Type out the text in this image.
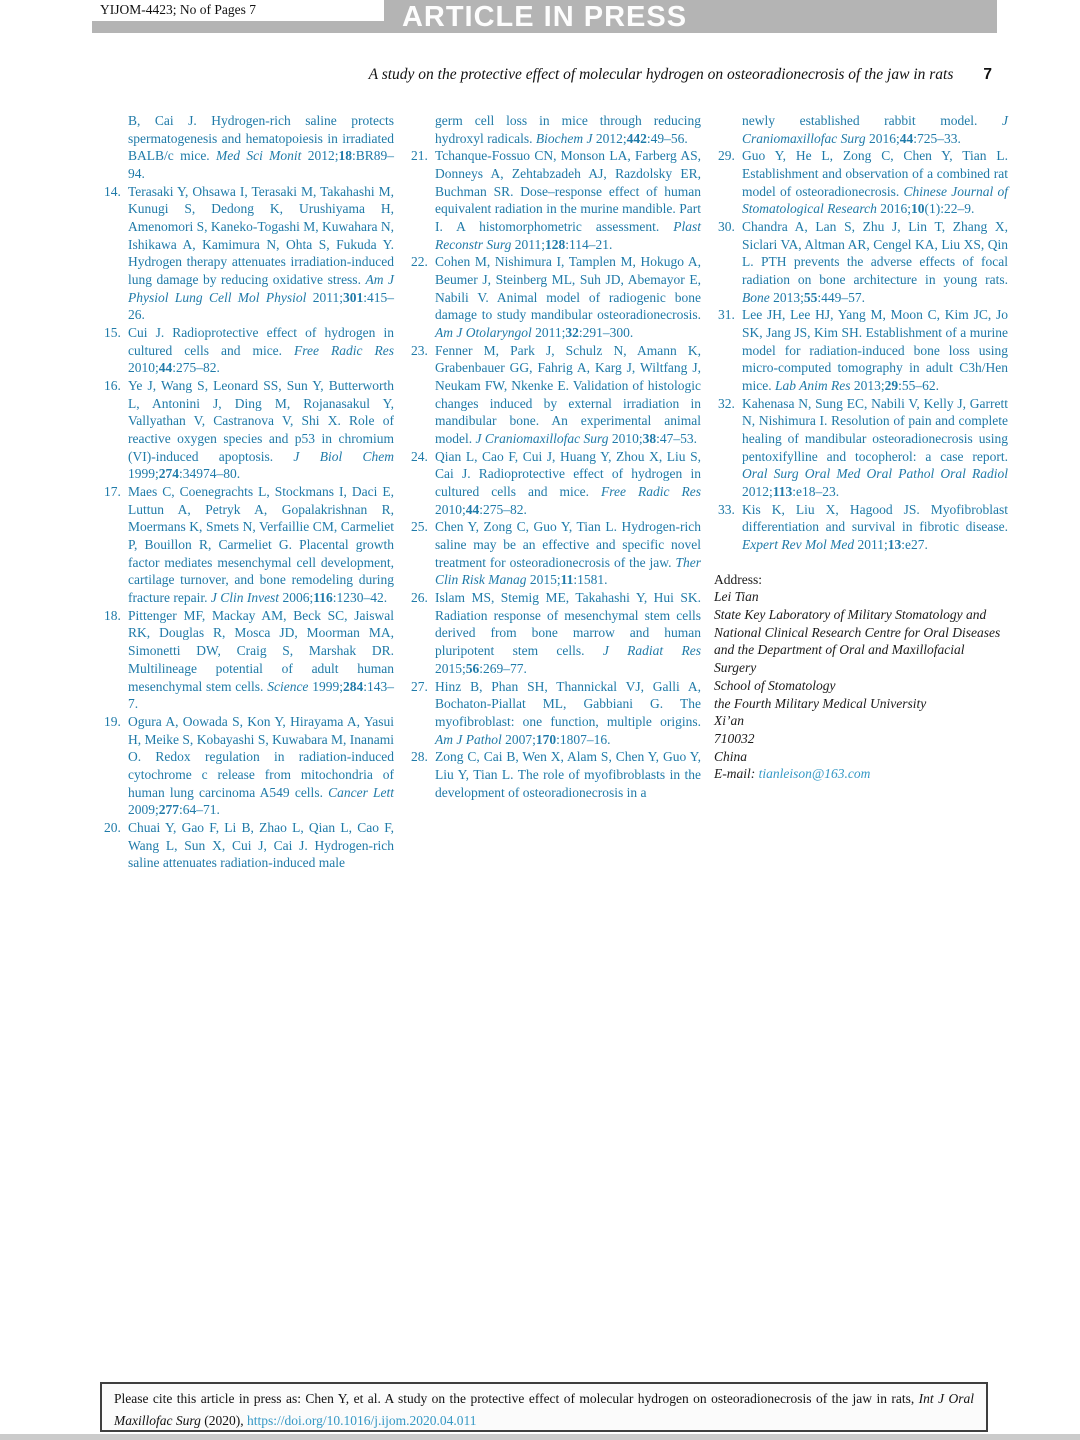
ARTICLE IN PRESS
YIJOM-4423; No of Pages 7
A study on the protective effect of molecular hydrogen on osteoradionecrosis of the jaw in rats 7
B, Cai J. Hydrogen-rich saline protects spermatogenesis and hematopoiesis in irradiated BALB/c mice. Med Sci Monit 2012;18:BR89–94.
14. Terasaki Y, Ohsawa I, Terasaki M, Takahashi M, Kunugi S, Dedong K, Urushiyama H, Amenomori S, Kaneko-Togashi M, Kuwahara N, Ishikawa A, Kamimura N, Ohta S, Fukuda Y. Hydrogen therapy attenuates irradiation-induced lung damage by reducing oxidative stress. Am J Physiol Lung Cell Mol Physiol 2011;301:415–26.
15. Cui J. Radioprotective effect of hydrogen in cultured cells and mice. Free Radic Res 2010;44:275–82.
16. Ye J, Wang S, Leonard SS, Sun Y, Butterworth L, Antonini J, Ding M, Rojanasakul Y, Vallyathan V, Castranova V, Shi X. Role of reactive oxygen species and p53 in chromium (VI)-induced apoptosis. J Biol Chem 1999;274:34974–80.
17. Maes C, Coenegrachts L, Stockmans I, Daci E, Luttun A, Petryk A, Gopalakrishnan R, Moermans K, Smets N, Verfaillie CM, Carmeliet P, Bouillon R, Carmeliet G. Placental growth factor mediates mesenchymal cell development, cartilage turnover, and bone remodeling during fracture repair. J Clin Invest 2006;116:1230–42.
18. Pittenger MF, Mackay AM, Beck SC, Jaiswal RK, Douglas R, Mosca JD, Moorman MA, Simonetti DW, Craig S, Marshak DR. Multilineage potential of adult human mesenchymal stem cells. Science 1999;284:143–7.
19. Ogura A, Oowada S, Kon Y, Hirayama A, Yasui H, Meike S, Kobayashi S, Kuwabara M, Inanami O. Redox regulation in radiation-induced cytochrome c release from mitochondria of human lung carcinoma A549 cells. Cancer Lett 2009;277:64–71.
20. Chuai Y, Gao F, Li B, Zhao L, Qian L, Cao F, Wang L, Sun X, Cui J, Cai J. Hydrogen-rich saline attenuates radiation-induced male
germ cell loss in mice through reducing hydroxyl radicals. Biochem J 2012;442:49–56.
21. Tchanque-Fossuo CN, Monson LA, Farberg AS, Donneys A, Zehtabzadeh AJ, Razdolsky ER, Buchman SR. Dose–response effect of human equivalent radiation in the murine mandible. Part I. A histomorphometric assessment. Plast Reconstr Surg 2011;128:114–21.
22. Cohen M, Nishimura I, Tamplen M, Hokugo A, Beumer J, Steinberg ML, Suh JD, Abemayor E, Nabili V. Animal model of radiogenic bone damage to study mandibular osteoradionecrosis. Am J Otolaryngol 2011;32:291–300.
23. Fenner M, Park J, Schulz N, Amann K, Grabenbauer GG, Fahrig A, Karg J, Wiltfang J, Neukam FW, Nkenke E. Validation of histologic changes induced by external irradiation in mandibular bone. An experimental animal model. J Craniomaxillofac Surg 2010;38:47–53.
24. Qian L, Cao F, Cui J, Huang Y, Zhou X, Liu S, Cai J. Radioprotective effect of hydrogen in cultured cells and mice. Free Radic Res 2010;44:275–82.
25. Chen Y, Zong C, Guo Y, Tian L. Hydrogen-rich saline may be an effective and specific novel treatment for osteoradionecrosis of the jaw. Ther Clin Risk Manag 2015;11:1581.
26. Islam MS, Stemig ME, Takahashi Y, Hui SK. Radiation response of mesenchymal stem cells derived from bone marrow and human pluripotent stem cells. J Radiat Res 2015;56:269–77.
27. Hinz B, Phan SH, Thannickal VJ, Galli A, Bochaton-Piallat ML, Gabbiani G. The myofibroblast: one function, multiple origins. Am J Pathol 2007;170:1807–16.
28. Zong C, Cai B, Wen X, Alam S, Chen Y, Guo Y, Liu Y, Tian L. The role of myofibroblasts in the development of osteoradionecrosis in a
newly established rabbit model. J Craniomaxillofac Surg 2016;44:725–33.
29. Guo Y, He L, Zong C, Chen Y, Tian L. Establishment and observation of a combined rat model of osteoradionecrosis. Chinese Journal of Stomatological Research 2016;10(1):22–9.
30. Chandra A, Lan S, Zhu J, Lin T, Zhang X, Siclari VA, Altman AR, Cengel KA, Liu XS, Qin L. PTH prevents the adverse effects of focal radiation on bone architecture in young rats. Bone 2013;55:449–57.
31. Lee JH, Lee HJ, Yang M, Moon C, Kim JC, Jo SK, Jang JS, Kim SH. Establishment of a murine model for radiation-induced bone loss using micro-computed tomography in adult C3h/Hen mice. Lab Anim Res 2013;29:55–62.
32. Kahenasa N, Sung EC, Nabili V, Kelly J, Garrett N, Nishimura I. Resolution of pain and complete healing of mandibular osteoradionecrosis using pentoxifylline and tocopherol: a case report. Oral Surg Oral Med Oral Pathol Oral Radiol 2012;113:e18–23.
33. Kis K, Liu X, Hagood JS. Myofibroblast differentiation and survival in fibrotic disease. Expert Rev Mol Med 2011;13:e27.
Address:
Lei Tian
State Key Laboratory of Military Stomatology and National Clinical Research Centre for Oral Diseases
and the Department of Oral and Maxillofacial Surgery
School of Stomatology
the Fourth Military Medical University
Xi’an
710032
China
E-mail: tianleison@163.com
Please cite this article in press as: Chen Y, et al. A study on the protective effect of molecular hydrogen on osteoradionecrosis of the jaw in rats, Int J Oral Maxillofac Surg (2020), https://doi.org/10.1016/j.ijom.2020.04.011
